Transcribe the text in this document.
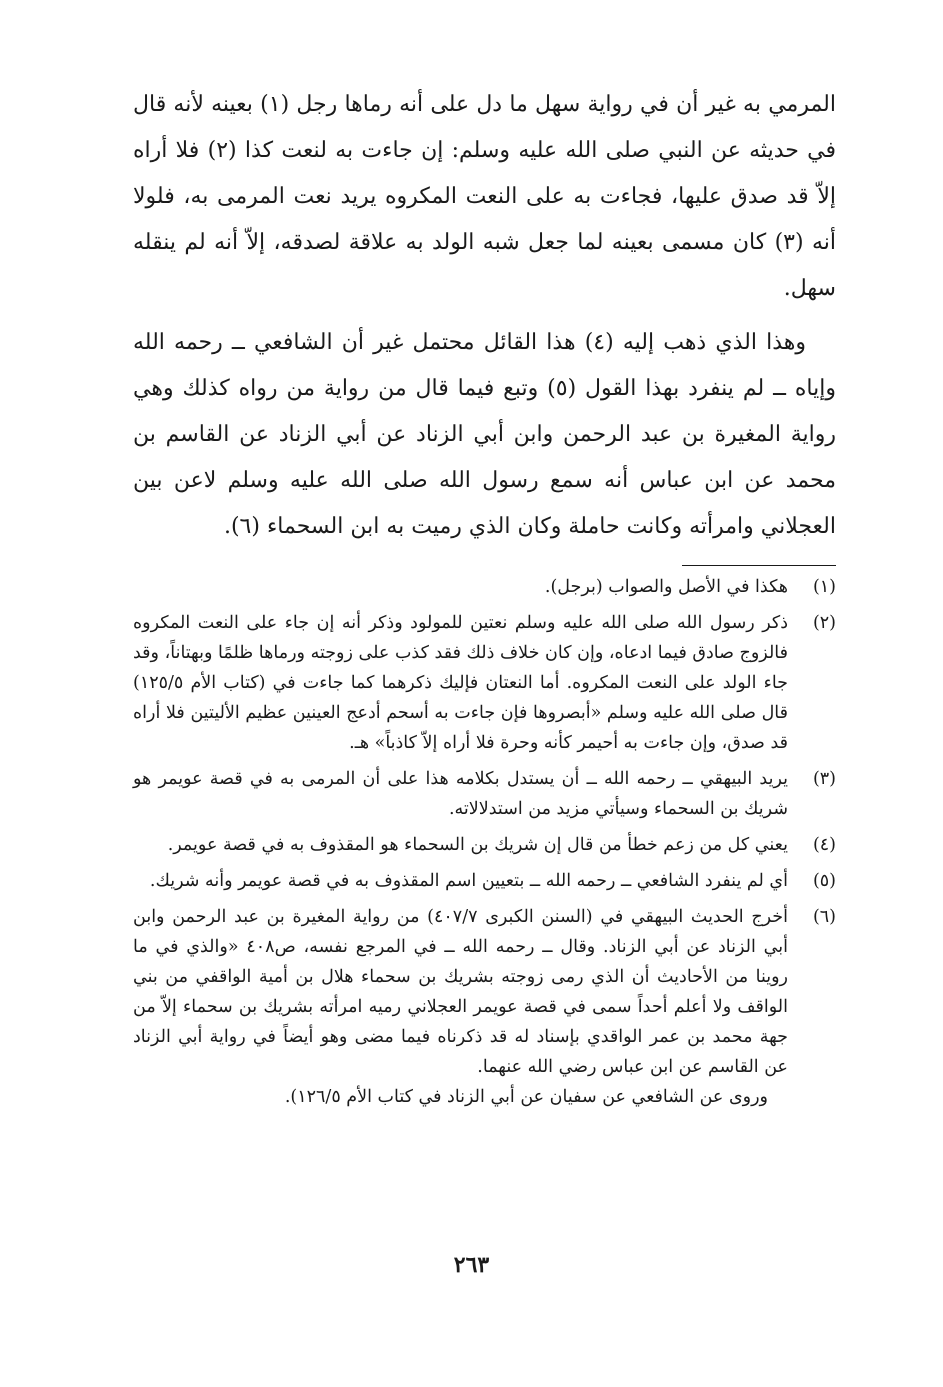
المرمي به غير أن في رواية سهل ما دل على أنه رماها رجل (١) بعينه لأنه قال في حديثه عن النبي صلى الله عليه وسلم: إن جاءت به لنعت كذا (٢) فلا أراه إلاّ قد صدق عليها، فجاءت به على النعت المكروه يريد نعت المرمى به، فلولا أنه (٣) كان مسمى بعينه لما جعل شبه الولد به علاقة لصدقه، إلاّ أنه لم ينقله سهل.

وهذا الذي ذهب إليه (٤) هذا القائل محتمل غير أن الشافعي ــ رحمه الله وإياه ــ لم ينفرد بهذا القول (٥) وتبع فيما قال من رواية من رواه كذلك وهي رواية المغيرة بن عبد الرحمن وابن أبي الزناد عن أبي الزناد عن القاسم بن محمد عن ابن عباس أنه سمع رسول الله صلى الله عليه وسلم لاعن بين العجلاني وامرأته وكانت حاملة وكان الذي رميت به ابن السحماء (٦).

(١)
هكذا في الأصل والصواب (برجل).
(٢)
ذكر رسول الله صلى الله عليه وسلم نعتين للمولود وذكر أنه إن جاء على النعت المكروه فالزوج صادق فيما ادعاه، وإن كان خلاف ذلك فقد كذب على زوجته ورماها ظلمًا وبهتاناً، وقد جاء الولد على النعت المكروه. أما النعتان فإليك ذكرهما كما جاءت في (كتاب الأم ١٢٥/٥) قال صلى الله عليه وسلم «أبصروها فإن جاءت به أسحم أدعج العينين عظيم الأليتين فلا أراه قد صدق، وإن جاءت به أحيمر كأنه وحرة فلا أراه إلاّ كاذباً» هـ.
(٣)
يريد البيهقي ــ رحمه الله ــ أن يستدل بكلامه هذا على أن المرمى به في قصة عويمر هو شريك بن السحماء وسيأتي مزيد من استدلالاته.
(٤)
يعني كل من زعم خطأ من قال إن شريك بن السحماء هو المقذوف به في قصة عويمر.
(٥)
أي لم ينفرد الشافعي ــ رحمه الله ــ بتعيين اسم المقذوف به في قصة عويمر وأنه شريك.
(٦)
أخرج الحديث البيهقي في (السنن الكبرى ٤٠٧/٧) من رواية المغيرة بن عبد الرحمن وابن أبي الزناد عن أبي الزناد. وقال ــ رحمه الله ــ في المرجع نفسه، ص٤٠٨ «والذي في ما روينا من الأحاديث أن الذي رمى زوجته بشريك بن سحماء هلال بن أمية الواقفي من بني الواقف ولا أعلم أحداً سمى في قصة عويمر العجلاني رميه امرأته بشريك بن سحماء إلاّ من جهة محمد بن عمر الواقدي بإسناد له قد ذكرناه فيما مضى وهو أيضاً في رواية أبي الزناد عن القاسم عن ابن عباس رضي الله عنهما.
وروى عن الشافعي عن سفيان عن أبي الزناد في كتاب الأم ١٢٦/٥).
٢٦٣
